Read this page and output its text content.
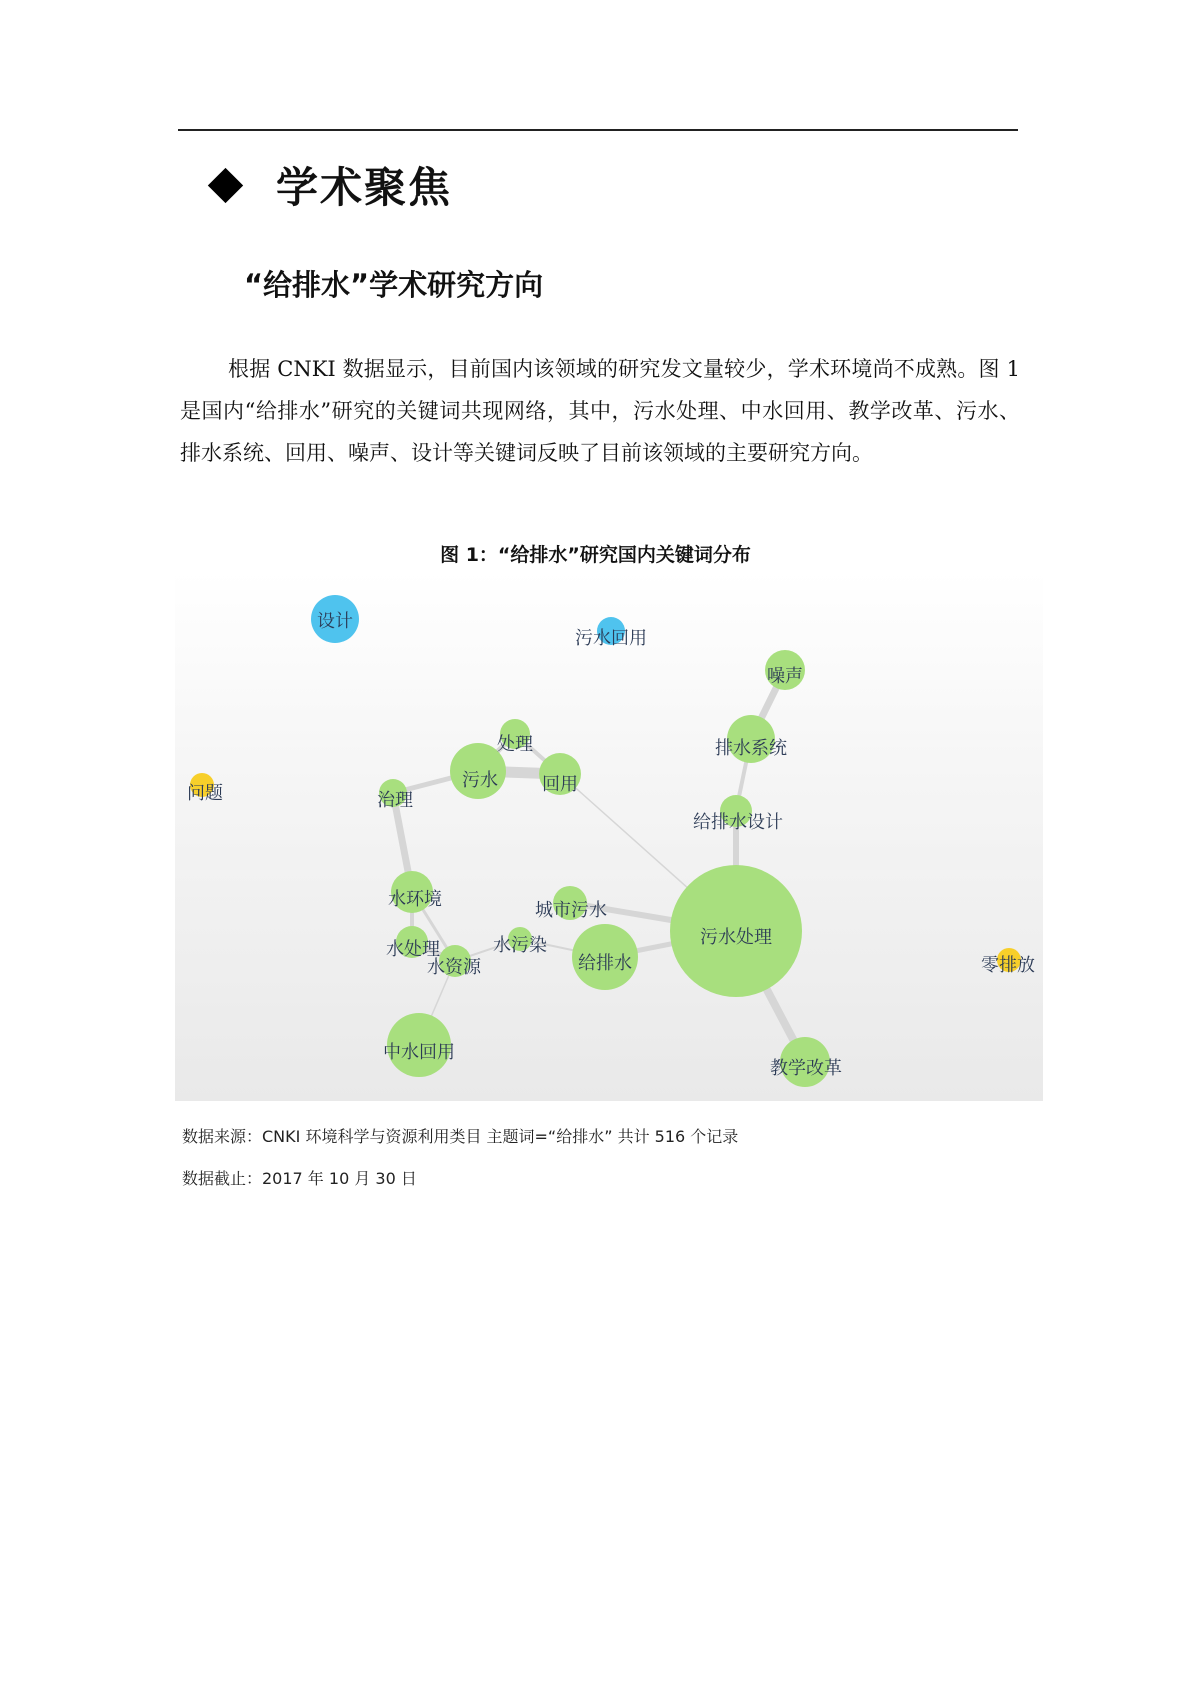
学术聚焦
“给排水”学术研究方向
根据 CNKI 数据显示，目前国内该领域的研究发文量较少，学术环境尚不成熟。图 1 是国内“给排水”研究的关键词共现网络，其中，污水处理、中水回用、教学改革、污水、排水系统、回用、噪声、设计等关键词反映了目前该领域的主要研究方向。
图 1：“给排水”研究国内关键词分布
设计
污水回用
噪声
处理	排水系统
污水 回用
问题	治理
给排水设计
水环境
城市污水
污水处理
水处理	水污染
给排水
水资源	零排放
中水回用
教学改革
数据来源：CNKI 环境科学与资源利用类目 主题词=“给排水” 共计 516 个记录
数据截止：2017 年 10 月 30 日
